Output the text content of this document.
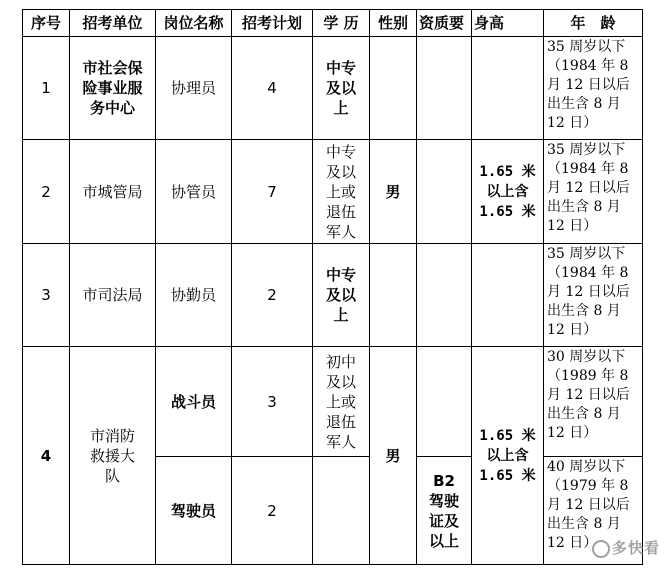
序号	招考单位	岗位名称	招考计划	学 历	性别	资质要	身高	年　龄
1	市社会保险事业服务中心	协理员	4	中专及以上				35 周岁以下（1984 年 8 月 12 日以后出生含 8 月 12 日）
2	市城管局	协管员	7	中专及以上或退伍军人	男		1.65 米以上含 1.65 米	35 周岁以下（1984 年 8 月 12 日以后出生含 8 月 12 日）
3	市司法局	协勤员	2	中专及以上				35 周岁以下（1984 年 8 月 12 日以后出生含 8 月 12 日）
4	市消防救援大队	战斗员	3	初中及以上或退伍军人	男		1.65 米以上含 1.65 米	30 周岁以下（1989 年 8 月 12 日以后出生含 8 月 12 日）
		驾驶员	2			B2 驾驶证及以上		40 周岁以下（1979 年 8 月 12 日以后出生含 8 月 12 日） 多快看
